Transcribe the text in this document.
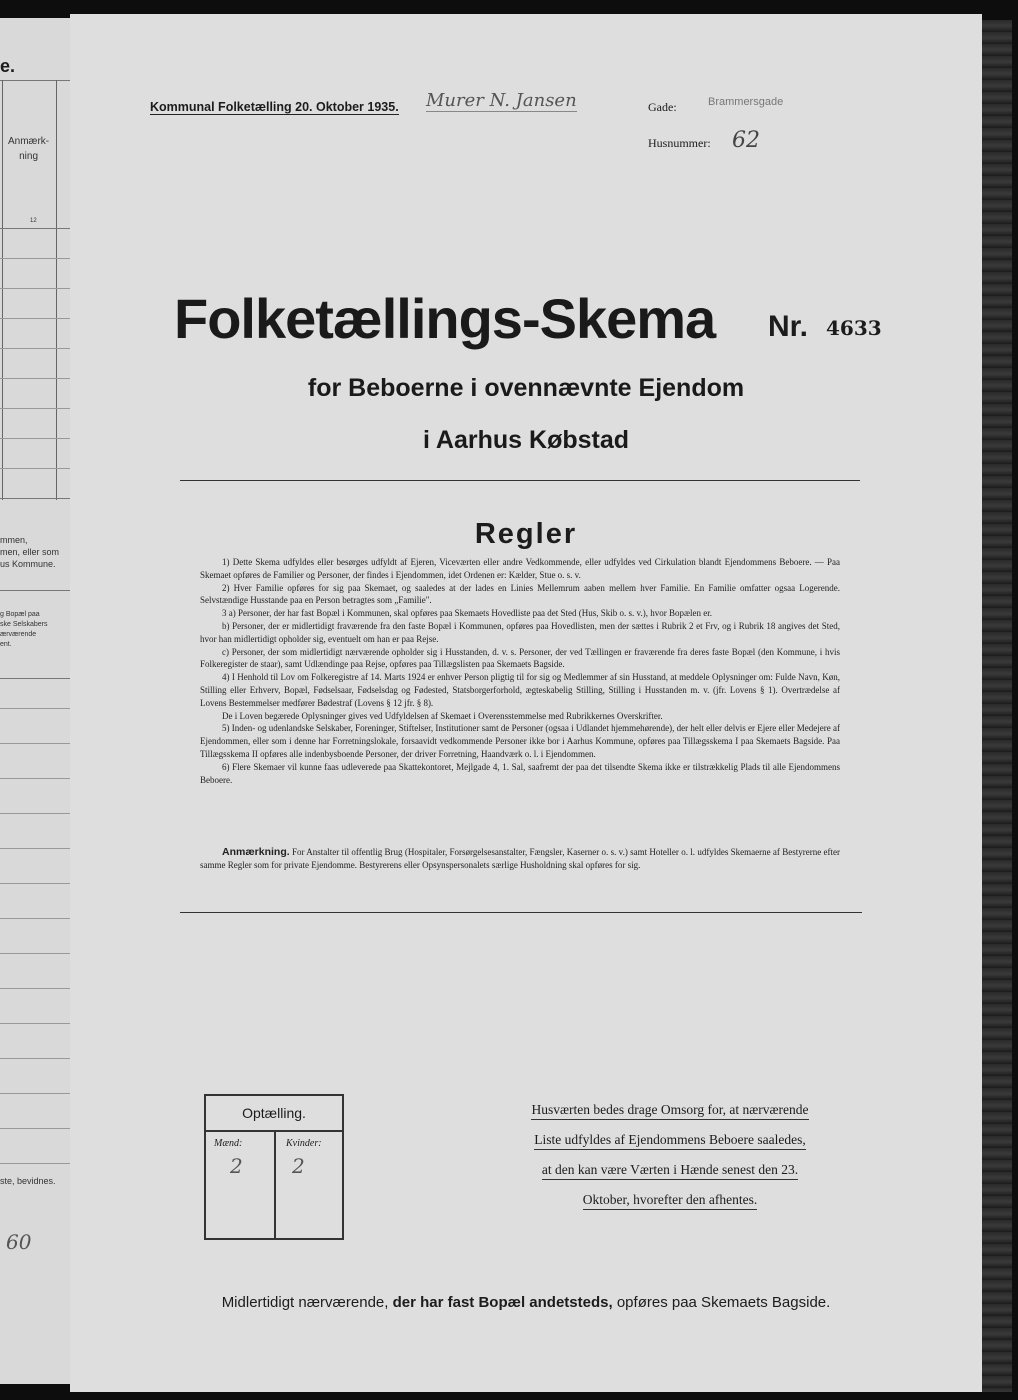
e.
Anmærk-
ning
12
mmen,
men, eller som
us Kommune.
g Bopæl paa
ske Selskabers
ærværende
ent.
ste, bevidnes.
60
Kommunal Folketælling 20. Oktober 1935. Murer N. Jansen	Gade:	Brammersgade
Husnummer: 62
Folketællings-Skema Nr. 4633
for Beboerne i ovennævnte Ejendom
i Aarhus Købstad
Regler

1) Dette Skema udfyldes eller besørges udfyldt af Ejeren, Viceværten eller andre Vedkommende, eller udfyldes ved Cirkulation blandt Ejendommens Beboere. — Paa Skemaet opføres de Familier og Personer, der findes i Ejendommen, idet Ordenen er: Kælder, Stue o. s. v.

2) Hver Familie opføres for sig paa Skemaet, og saaledes at der lades en Linies Mellemrum aaben mellem hver Familie. En Familie omfatter ogsaa Logerende. Selvstændige Husstande paa en Person betragtes som „Familie".

3 a) Personer, der har fast Bopæl i Kommunen, skal opføres paa Skemaets Hovedliste paa det Sted (Hus, Skib o. s. v.), hvor Bopælen er.

b) Personer, der er midlertidigt fraværende fra den faste Bopæl i Kommunen, opføres paa Hovedlisten, men der sættes i Rubrik 2 et Frv, og i Rubrik 18 angives det Sted, hvor han midlertidigt opholder sig, eventuelt om han er paa Rejse.

c) Personer, der som midlertidigt nærværende opholder sig i Husstanden, d. v. s. Personer, der ved Tællingen er fraværende fra deres faste Bopæl (den Kommune, i hvis Folkeregister de staar), samt Udlændinge paa Rejse, opføres paa Tillægslisten paa Skemaets Bagside.

4) I Henhold til Lov om Folkeregistre af 14. Marts 1924 er enhver Person pligtig til for sig og Medlemmer af sin Husstand, at meddele Oplysninger om: Fulde Navn, Køn, Stilling eller Erhverv, Bopæl, Fødselsaar, Fødselsdag og Fødested, Statsborgerforhold, ægteskabelig Stilling, Stilling i Husstanden m. v. (jfr. Lovens § 1). Overtrædelse af Lovens Bestemmelser medfører Bødestraf (Lovens § 12 jfr. § 8).

De i Loven begærede Oplysninger gives ved Udfyldelsen af Skemaet i Overensstemmelse med Rubrikkernes Overskrifter.

5) Inden- og udenlandske Selskaber, Foreninger, Stiftelser, Institutioner samt de Personer (ogsaa i Udlandet hjemmehørende), der helt eller delvis er Ejere eller Medejere af Ejendommen, eller som i denne har Forretningslokale, forsaavidt vedkommende Personer ikke bor i Aarhus Kommune, opføres paa Tillægsskema I paa Skemaets Bagside. Paa Tillægsskema II opføres alle indenbysboende Personer, der driver Forretning, Haandværk o. l. i Ejendommen.

6) Flere Skemaer vil kunne faas udleverede paa Skattekontoret, Mejlgade 4, 1. Sal, saafremt der paa det tilsendte Skema ikke er tilstrækkelig Plads til alle Ejendommens Beboere.

Anmærkning. For Anstalter til offentlig Brug (Hospitaler, Forsørgelsesanstalter, Fængsler, Kaserner o. s. v.) samt Hoteller o. l. udfyldes Skemaerne af Bestyrerne efter samme Regler som for private Ejendomme. Bestyrerens eller Opsynspersonalets særlige Husholdning skal opføres for sig.

Optælling.
Mænd:	Kvinder:
2 2
Husværten bedes drage Omsorg for, at nærværende
Liste udfyldes af Ejendommens Beboere saaledes,
at den kan være Værten i Hænde senest den 23.
Oktober, hvorefter den afhentes.
Midlertidigt nærværende, der har fast Bopæl andetsteds, opføres paa Skemaets Bagside.
